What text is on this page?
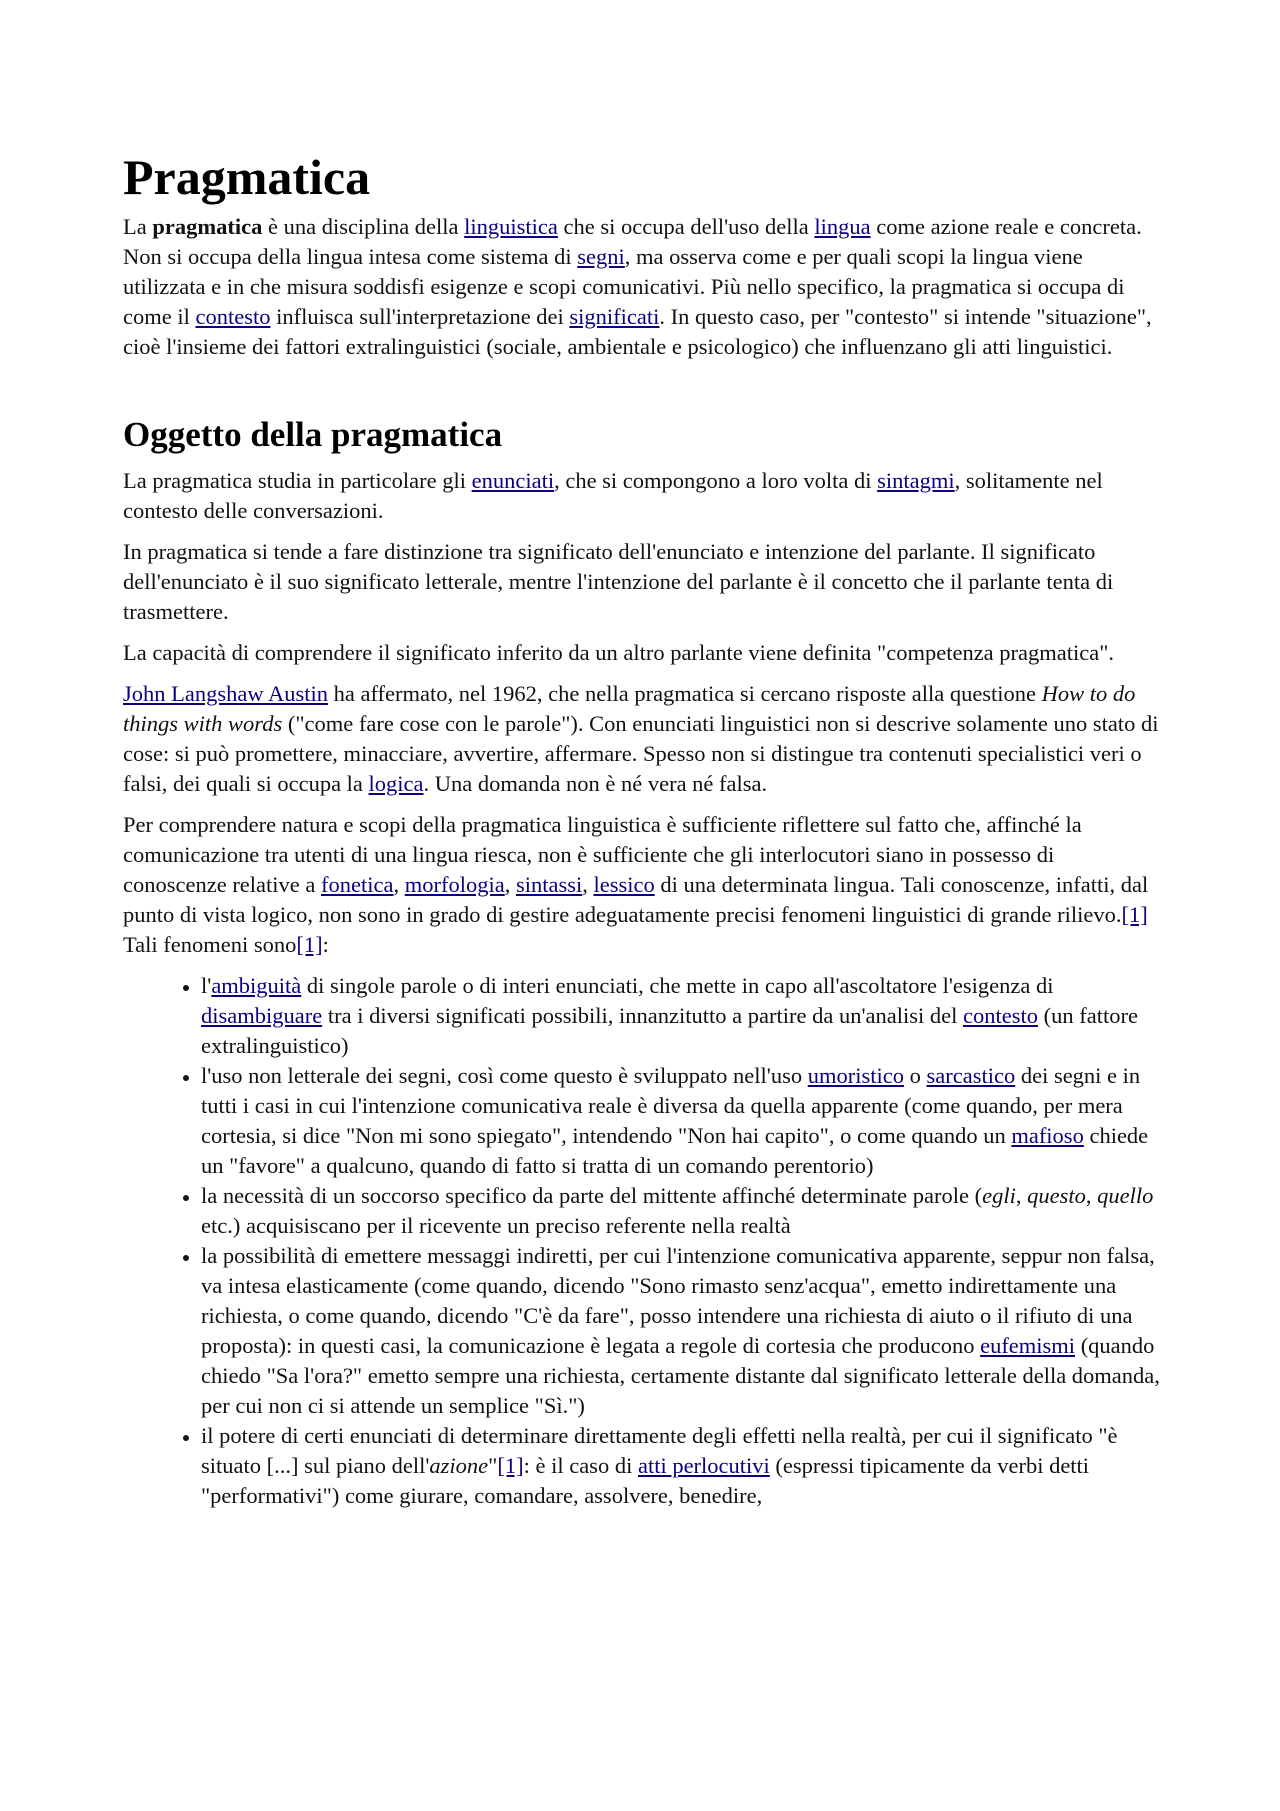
Pragmatica

La pragmatica è una disciplina della linguistica che si occupa dell'uso della lingua come azione reale e concreta. Non si occupa della lingua intesa come sistema di segni, ma osserva come e per quali scopi la lingua viene utilizzata e in che misura soddisfi esigenze e scopi comunicativi. Più nello specifico, la pragmatica si occupa di come il contesto influisca sull'interpretazione dei significati. In questo caso, per "contesto" si intende "situazione", cioè l'insieme dei fattori extralinguistici (sociale, ambientale e psicologico) che influenzano gli atti linguistici.

Oggetto della pragmatica

La pragmatica studia in particolare gli enunciati, che si compongono a loro volta di sintagmi, solitamente nel contesto delle conversazioni.

In pragmatica si tende a fare distinzione tra significato dell'enunciato e intenzione del parlante. Il significato dell'enunciato è il suo significato letterale, mentre l'intenzione del parlante è il concetto che il parlante tenta di trasmettere.

La capacità di comprendere il significato inferito da un altro parlante viene definita "competenza pragmatica".

John Langshaw Austin ha affermato, nel 1962, che nella pragmatica si cercano risposte alla questione How to do things with words ("come fare cose con le parole"). Con enunciati linguistici non si descrive solamente uno stato di cose: si può promettere, minacciare, avvertire, affermare. Spesso non si distingue tra contenuti specialistici veri o falsi, dei quali si occupa la logica. Una domanda non è né vera né falsa.

Per comprendere natura e scopi della pragmatica linguistica è sufficiente riflettere sul fatto che, affinché la comunicazione tra utenti di una lingua riesca, non è sufficiente che gli interlocutori siano in possesso di conoscenze relative a fonetica, morfologia, sintassi, lessico di una determinata lingua. Tali conoscenze, infatti, dal punto di vista logico, non sono in grado di gestire adeguatamente precisi fenomeni linguistici di grande rilievo.[1] Tali fenomeni sono[1]:

• l'ambiguità di singole parole o di interi enunciati, che mette in capo all'ascoltatore l'esigenza di disambiguare tra i diversi significati possibili, innanzitutto a partire da un'analisi del contesto (un fattore extralinguistico)
• l'uso non letterale dei segni, così come questo è sviluppato nell'uso umoristico o sarcastico dei segni e in tutti i casi in cui l'intenzione comunicativa reale è diversa da quella apparente (come quando, per mera cortesia, si dice "Non mi sono spiegato", intendendo "Non hai capito", o come quando un mafioso chiede un "favore" a qualcuno, quando di fatto si tratta di un comando perentorio)
• la necessità di un soccorso specifico da parte del mittente affinché determinate parole (egli, questo, quello etc.) acquisiscano per il ricevente un preciso referente nella realtà
• la possibilità di emettere messaggi indiretti, per cui l'intenzione comunicativa apparente, seppur non falsa, va intesa elasticamente (come quando, dicendo "Sono rimasto senz'acqua", emetto indirettamente una richiesta, o come quando, dicendo "C'è da fare", posso intendere una richiesta di aiuto o il rifiuto di una proposta): in questi casi, la comunicazione è legata a regole di cortesia che producono eufemismi (quando chiedo "Sa l'ora?" emetto sempre una richiesta, certamente distante dal significato letterale della domanda, per cui non ci si attende un semplice "Sì.")
• il potere di certi enunciati di determinare direttamente degli effetti nella realtà, per cui il significato "è situato [...] sul piano dell'azione"[1]: è il caso di atti perlocutivi (espressi tipicamente da verbi detti "performativi") come giurare, comandare, assolvere, benedire,
